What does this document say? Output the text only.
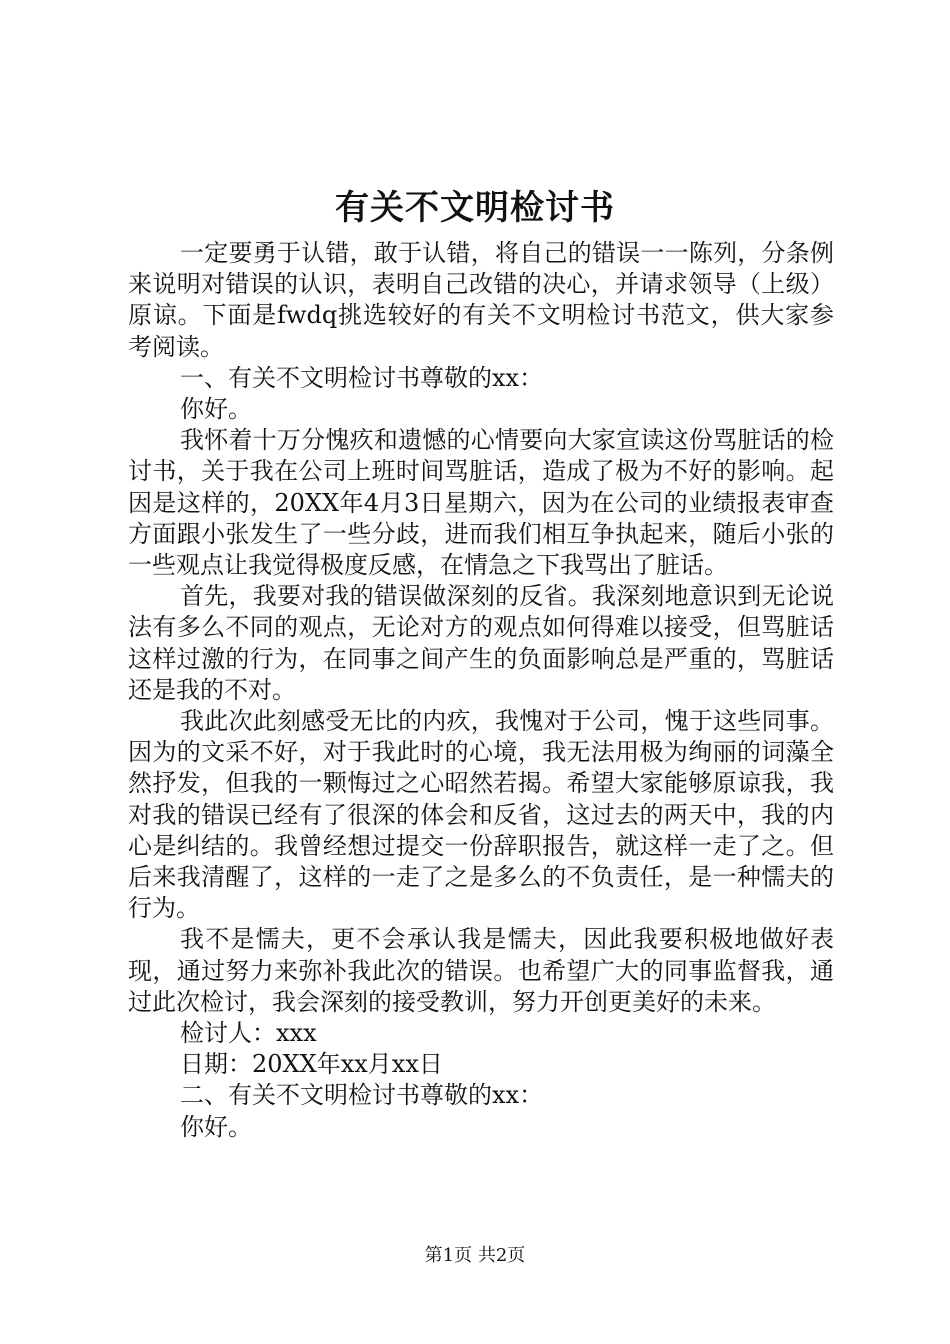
有关不文明检讨书

一定要勇于认错，敢于认错，将自己的错误一一陈列，分条例来说明对错误的认识，表明自己改错的决心，并请求领导（上级）原谅。下面是fwdq挑选较好的有关不文明检讨书范文，供大家参考阅读。

一、有关不文明检讨书尊敬的xx：

你好。

我怀着十万分愧疚和遗憾的心情要向大家宣读这份骂脏话的检讨书，关于我在公司上班时间骂脏话，造成了极为不好的影响。起因是这样的，20XX年4月3日星期六，因为在公司的业绩报表审查方面跟小张发生了一些分歧，进而我们相互争执起来，随后小张的一些观点让我觉得极度反感，在情急之下我骂出了脏话。

首先，我要对我的错误做深刻的反省。我深刻地意识到无论说法有多么不同的观点，无论对方的观点如何得难以接受，但骂脏话这样过激的行为，在同事之间产生的负面影响总是严重的，骂脏话还是我的不对。

我此次此刻感受无比的内疚，我愧对于公司，愧于这些同事。因为的文采不好，对于我此时的心境，我无法用极为绚丽的词藻全然抒发，但我的一颗悔过之心昭然若揭。希望大家能够原谅我，我对我的错误已经有了很深的体会和反省，这过去的两天中，我的内心是纠结的。我曾经想过提交一份辞职报告，就这样一走了之。但后来我清醒了，这样的一走了之是多么的不负责任，是一种懦夫的行为。

我不是懦夫，更不会承认我是懦夫，因此我要积极地做好表现，通过努力来弥补我此次的错误。也希望广大的同事监督我，通过此次检讨，我会深刻的接受教训，努力开创更美好的未来。

检讨人：xxx

日期：20XX年xx月xx日

二、有关不文明检讨书尊敬的xx：

你好。

第1页 共2页
